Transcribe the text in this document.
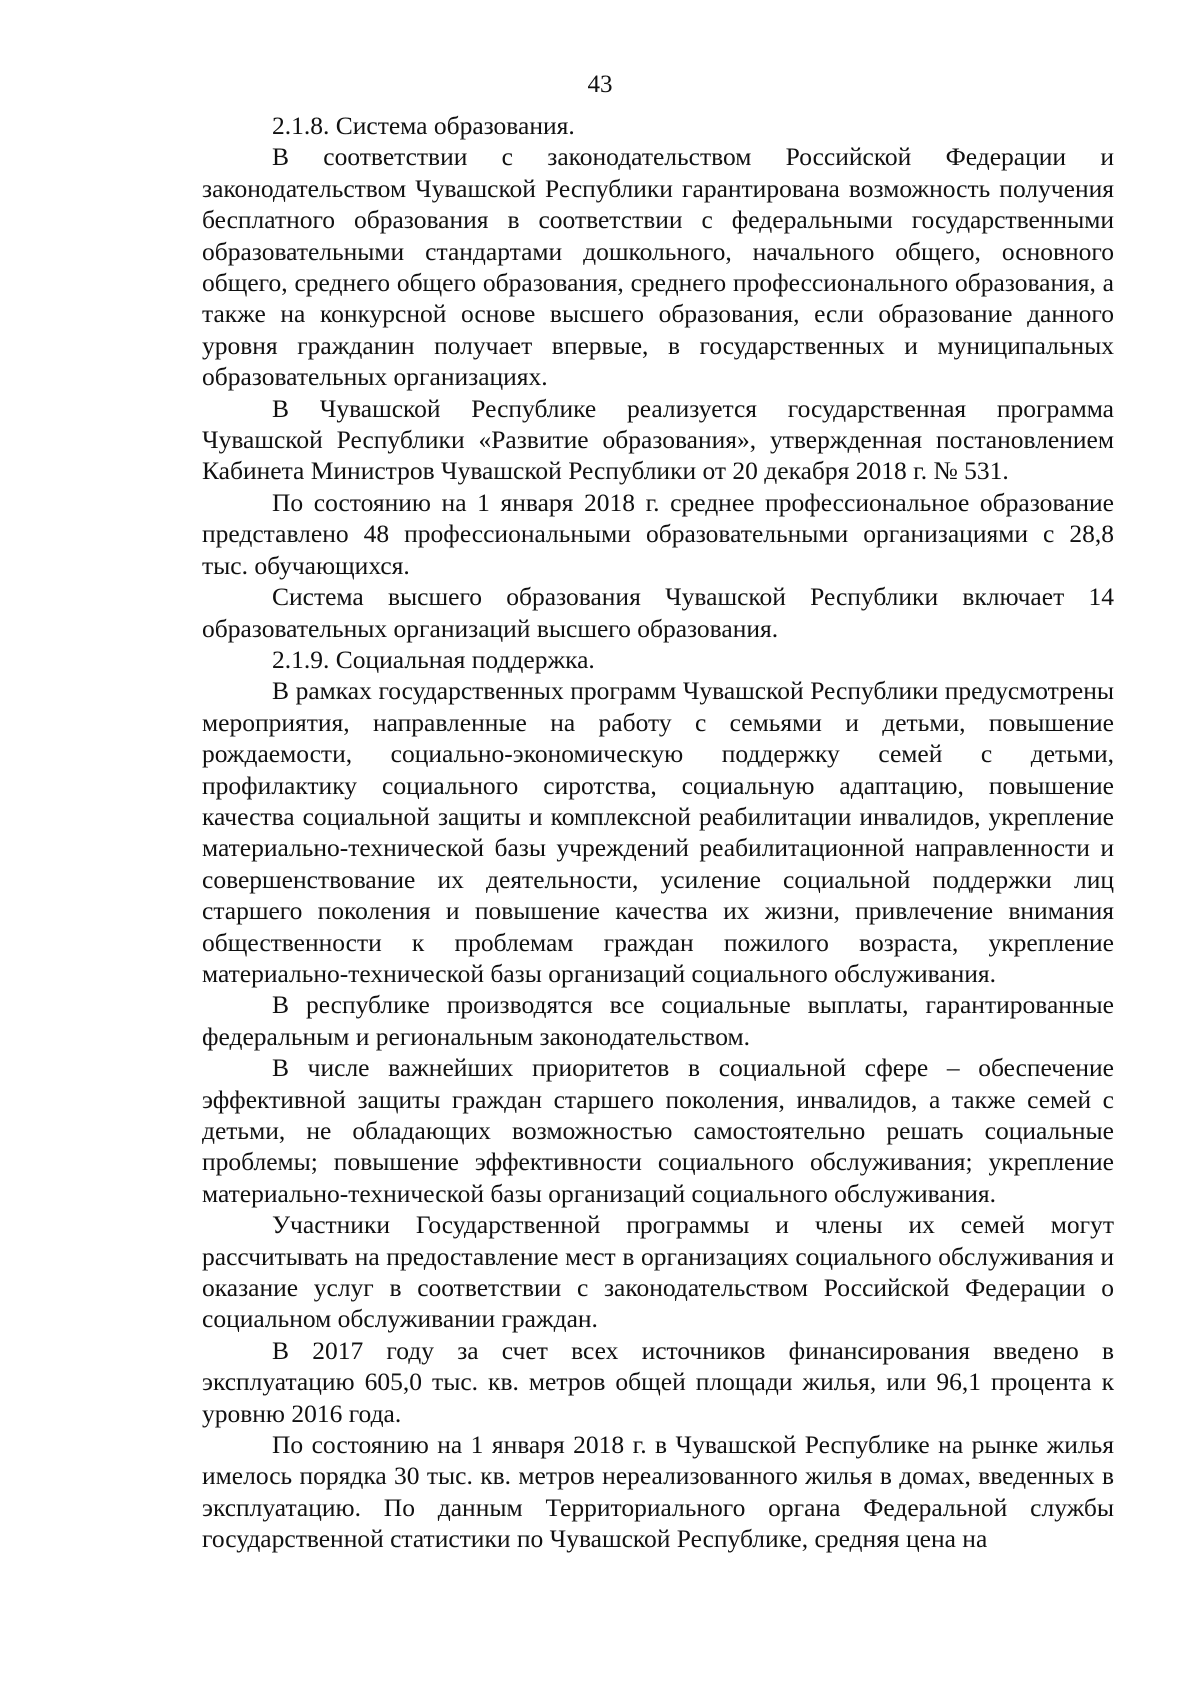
43

2.1.8. Система образования.

В соответствии с законодательством Российской Федерации и законодательством Чувашской Республики гарантирована возможность получения бесплатного образования в соответствии с федеральными государственными образовательными стандартами дошкольного, начального общего, основного общего, среднего общего образования, среднего профессионального образования, а также на конкурсной основе высшего образования, если образование данного уровня гражданин получает впервые, в государственных и муниципальных образовательных организациях.

В Чувашской Республике реализуется государственная программа Чувашской Республики «Развитие образования», утвержденная постановлением Кабинета Министров Чувашской Республики от 20 декабря 2018 г. № 531.

По состоянию на 1 января 2018 г. среднее профессиональное образование представлено 48 профессиональными образовательными организациями с 28,8 тыс. обучающихся.

Система высшего образования Чувашской Республики включает 14 образовательных организаций высшего образования.

2.1.9. Социальная поддержка.

В рамках государственных программ Чувашской Республики предусмотрены мероприятия, направленные на работу с семьями и детьми, повышение рождаемости, социально-экономическую поддержку семей с детьми, профилактику социального сиротства, социальную адаптацию, повышение качества социальной защиты и комплексной реабилитации инвалидов, укрепление материально-технической базы учреждений реабилитационной направленности и совершенствование их деятельности, усиление социальной поддержки лиц старшего поколения и повышение качества их жизни, привлечение внимания общественности к проблемам граждан пожилого возраста, укрепление материально-технической базы организаций социального обслуживания.

В республике производятся все социальные выплаты, гарантированные федеральным и региональным законодательством.

В числе важнейших приоритетов в социальной сфере – обеспечение эффективной защиты граждан старшего поколения, инвалидов, а также семей с детьми, не обладающих возможностью самостоятельно решать социальные проблемы; повышение эффективности социального обслуживания; укрепление материально-технической базы организаций социального обслуживания.

Участники Государственной программы и члены их семей могут рассчитывать на предоставление мест в организациях социального обслуживания и оказание услуг в соответствии с законодательством Российской Федерации о социальном обслуживании граждан.

В 2017 году за счет всех источников финансирования введено в эксплуатацию 605,0 тыс. кв. метров общей площади жилья, или 96,1 процента к уровню 2016 года.

По состоянию на 1 января 2018 г. в Чувашской Республике на рынке жилья имелось порядка 30 тыс. кв. метров нереализованного жилья в домах, введенных в эксплуатацию. По данным Территориального органа Федеральной службы государственной статистики по Чувашской Республике, средняя цена на
